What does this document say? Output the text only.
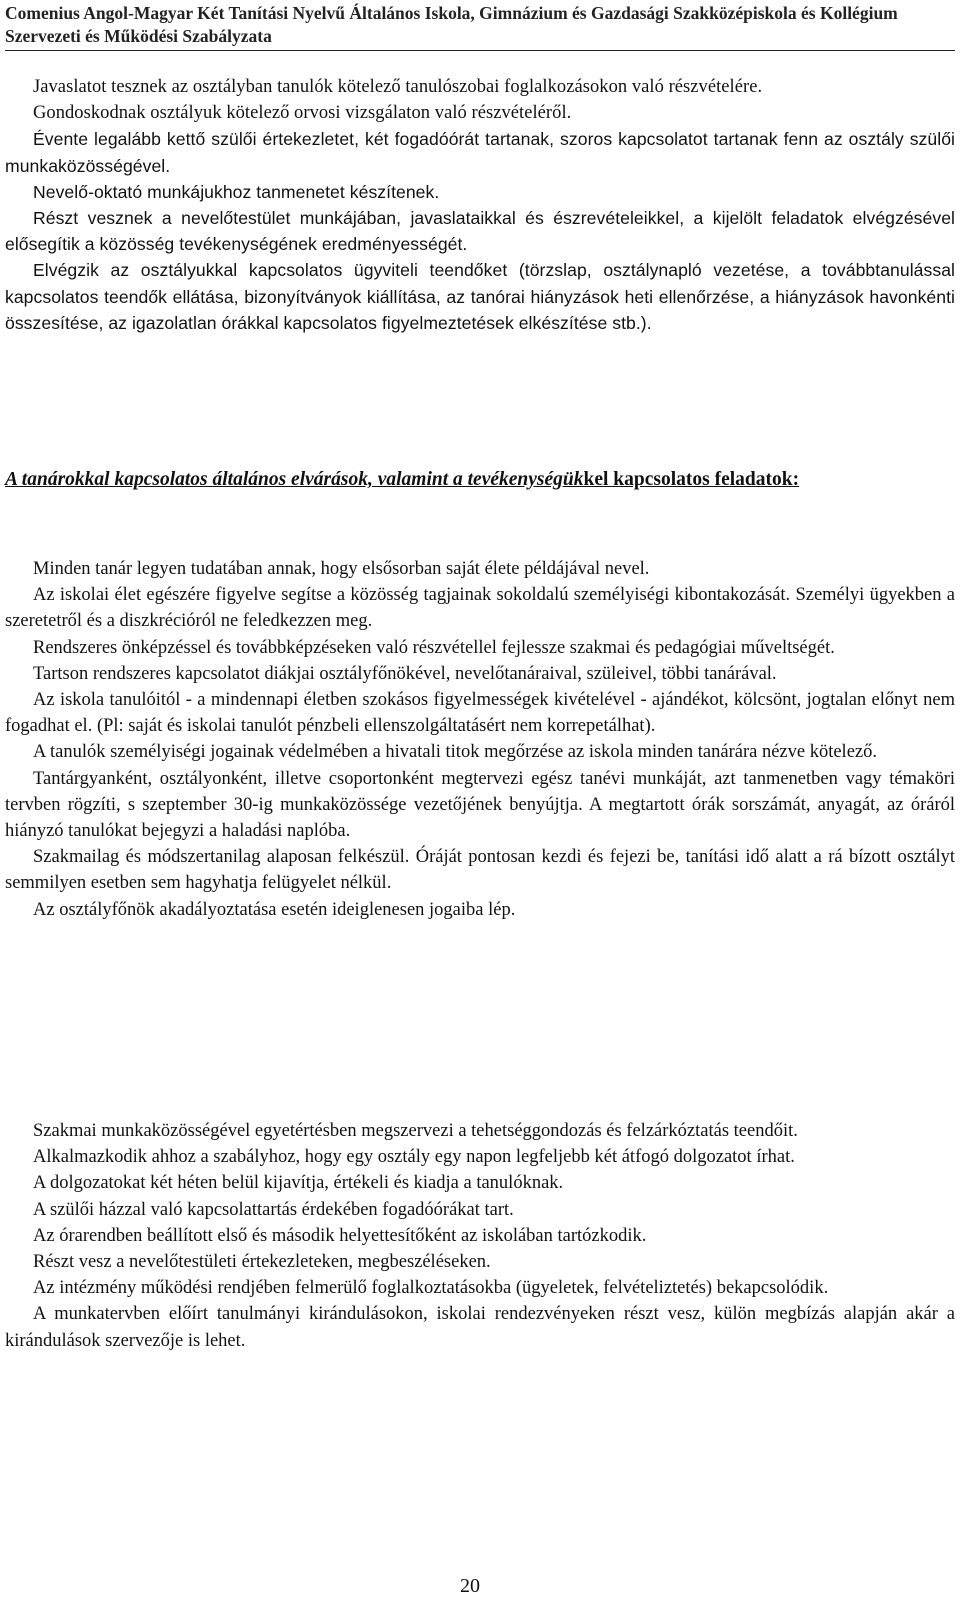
Comenius Angol-Magyar Két Tanítási Nyelvű Általános Iskola, Gimnázium és Gazdasági Szakközépiskola és Kollégium Szervezeti és Működési Szabályzata

Javaslatot tesznek az osztályban tanulók kötelező tanulószobai foglalkozásokon való részvételére.

Gondoskodnak osztályuk kötelező orvosi vizsgálaton való részvételéről.

Évente legalább kettő szülői értekezletet, két fogadóórát tartanak, szoros kapcsolatot tartanak fenn az osztály szülői munkaközösségével.

Nevelő-oktató munkájukhoz tanmenetet készítenek.

Részt vesznek a nevelőtestület munkájában, javaslataikkal és észrevételeikkel, a kijelölt feladatok elvégzésével elősegítik a közösség tevékenységének eredményességét.

Elvégzik az osztályukkal kapcsolatos ügyviteli teendőket (törzslap, osztálynapló vezetése, a továbbtanulással kapcsolatos teendők ellátása, bizonyítványok kiállítása, az tanórai hiányzások heti ellenőrzése, a hiányzások havonkénti összesítése, az igazolatlan órákkal kapcsolatos figyelmeztetések elkészítése stb.).

A tanárokkal kapcsolatos általános elvárások, valamint a tevékenységükkel kapcsolatos feladatok:

Minden tanár legyen tudatában annak, hogy elsősorban saját élete példájával nevel.

Az iskolai élet egészére figyelve segítse a közösség tagjainak sokoldalú személyiségi kibontakozását. Személyi ügyekben a szeretetről és a diszkrécióról ne feledkezzen meg.

Rendszeres önképzéssel és továbbképzéseken való részvétellel fejlessze szakmai és pedagógiai műveltségét.

Tartson rendszeres kapcsolatot diákjai osztályfőnökével, nevelőtanáraival, szüleivel, többi tanárával.

Az iskola tanulóitól - a mindennapi életben szokásos figyelmességek kivételével - ajándékot, kölcsönt, jogtalan előnyt nem fogadhat el. (Pl: saját és iskolai tanulót pénzbeli ellenszolgáltatásért nem korrepetálhat).

A tanulók személyiségi jogainak védelmében a hivatali titok megőrzése az iskola minden tanárára nézve kötelező.

Tantárgyanként, osztályonként, illetve csoportonként megtervezi egész tanévi munkáját, azt tanmenetben vagy témaköri tervben rögzíti, s szeptember 30-ig munkaközössége vezetőjének benyújtja. A megtartott órák sorszámát, anyagát, az óráról hiányzó tanulókat bejegyzi a haladási naplóba.

Szakmailag és módszertanilag alaposan felkészül. Óráját pontosan kezdi és fejezi be, tanítási idő alatt a rá bízott osztályt semmilyen esetben sem hagyhatja felügyelet nélkül.

Az osztályfőnök akadályoztatása esetén ideiglenesen jogaiba lép.

Szakmai munkaközösségével egyetértésben megszervezi a tehetséggondozás és felzárkóztatás teendőit.

Alkalmazkodik ahhoz a szabályhoz, hogy egy osztály egy napon legfeljebb két átfogó dolgozatot írhat.

A dolgozatokat két héten belül kijavítja, értékeli és kiadja a tanulóknak.

A szülői házzal való kapcsolattartás érdekében fogadóórákat tart.

Az órarendben beállított első és második helyettesítőként az iskolában tartózkodik.

Részt vesz a nevelőtestületi értekezleteken, megbeszéléseken.

Az intézmény működési rendjében felmerülő foglalkoztatásokba (ügyeletek, felvételiztetés) bekapcsolódik.

A munkatervben előírt tanulmányi kirándulásokon, iskolai rendezvényeken részt vesz, külön megbízás alapján akár a kirándulások szervezője is lehet.

20
